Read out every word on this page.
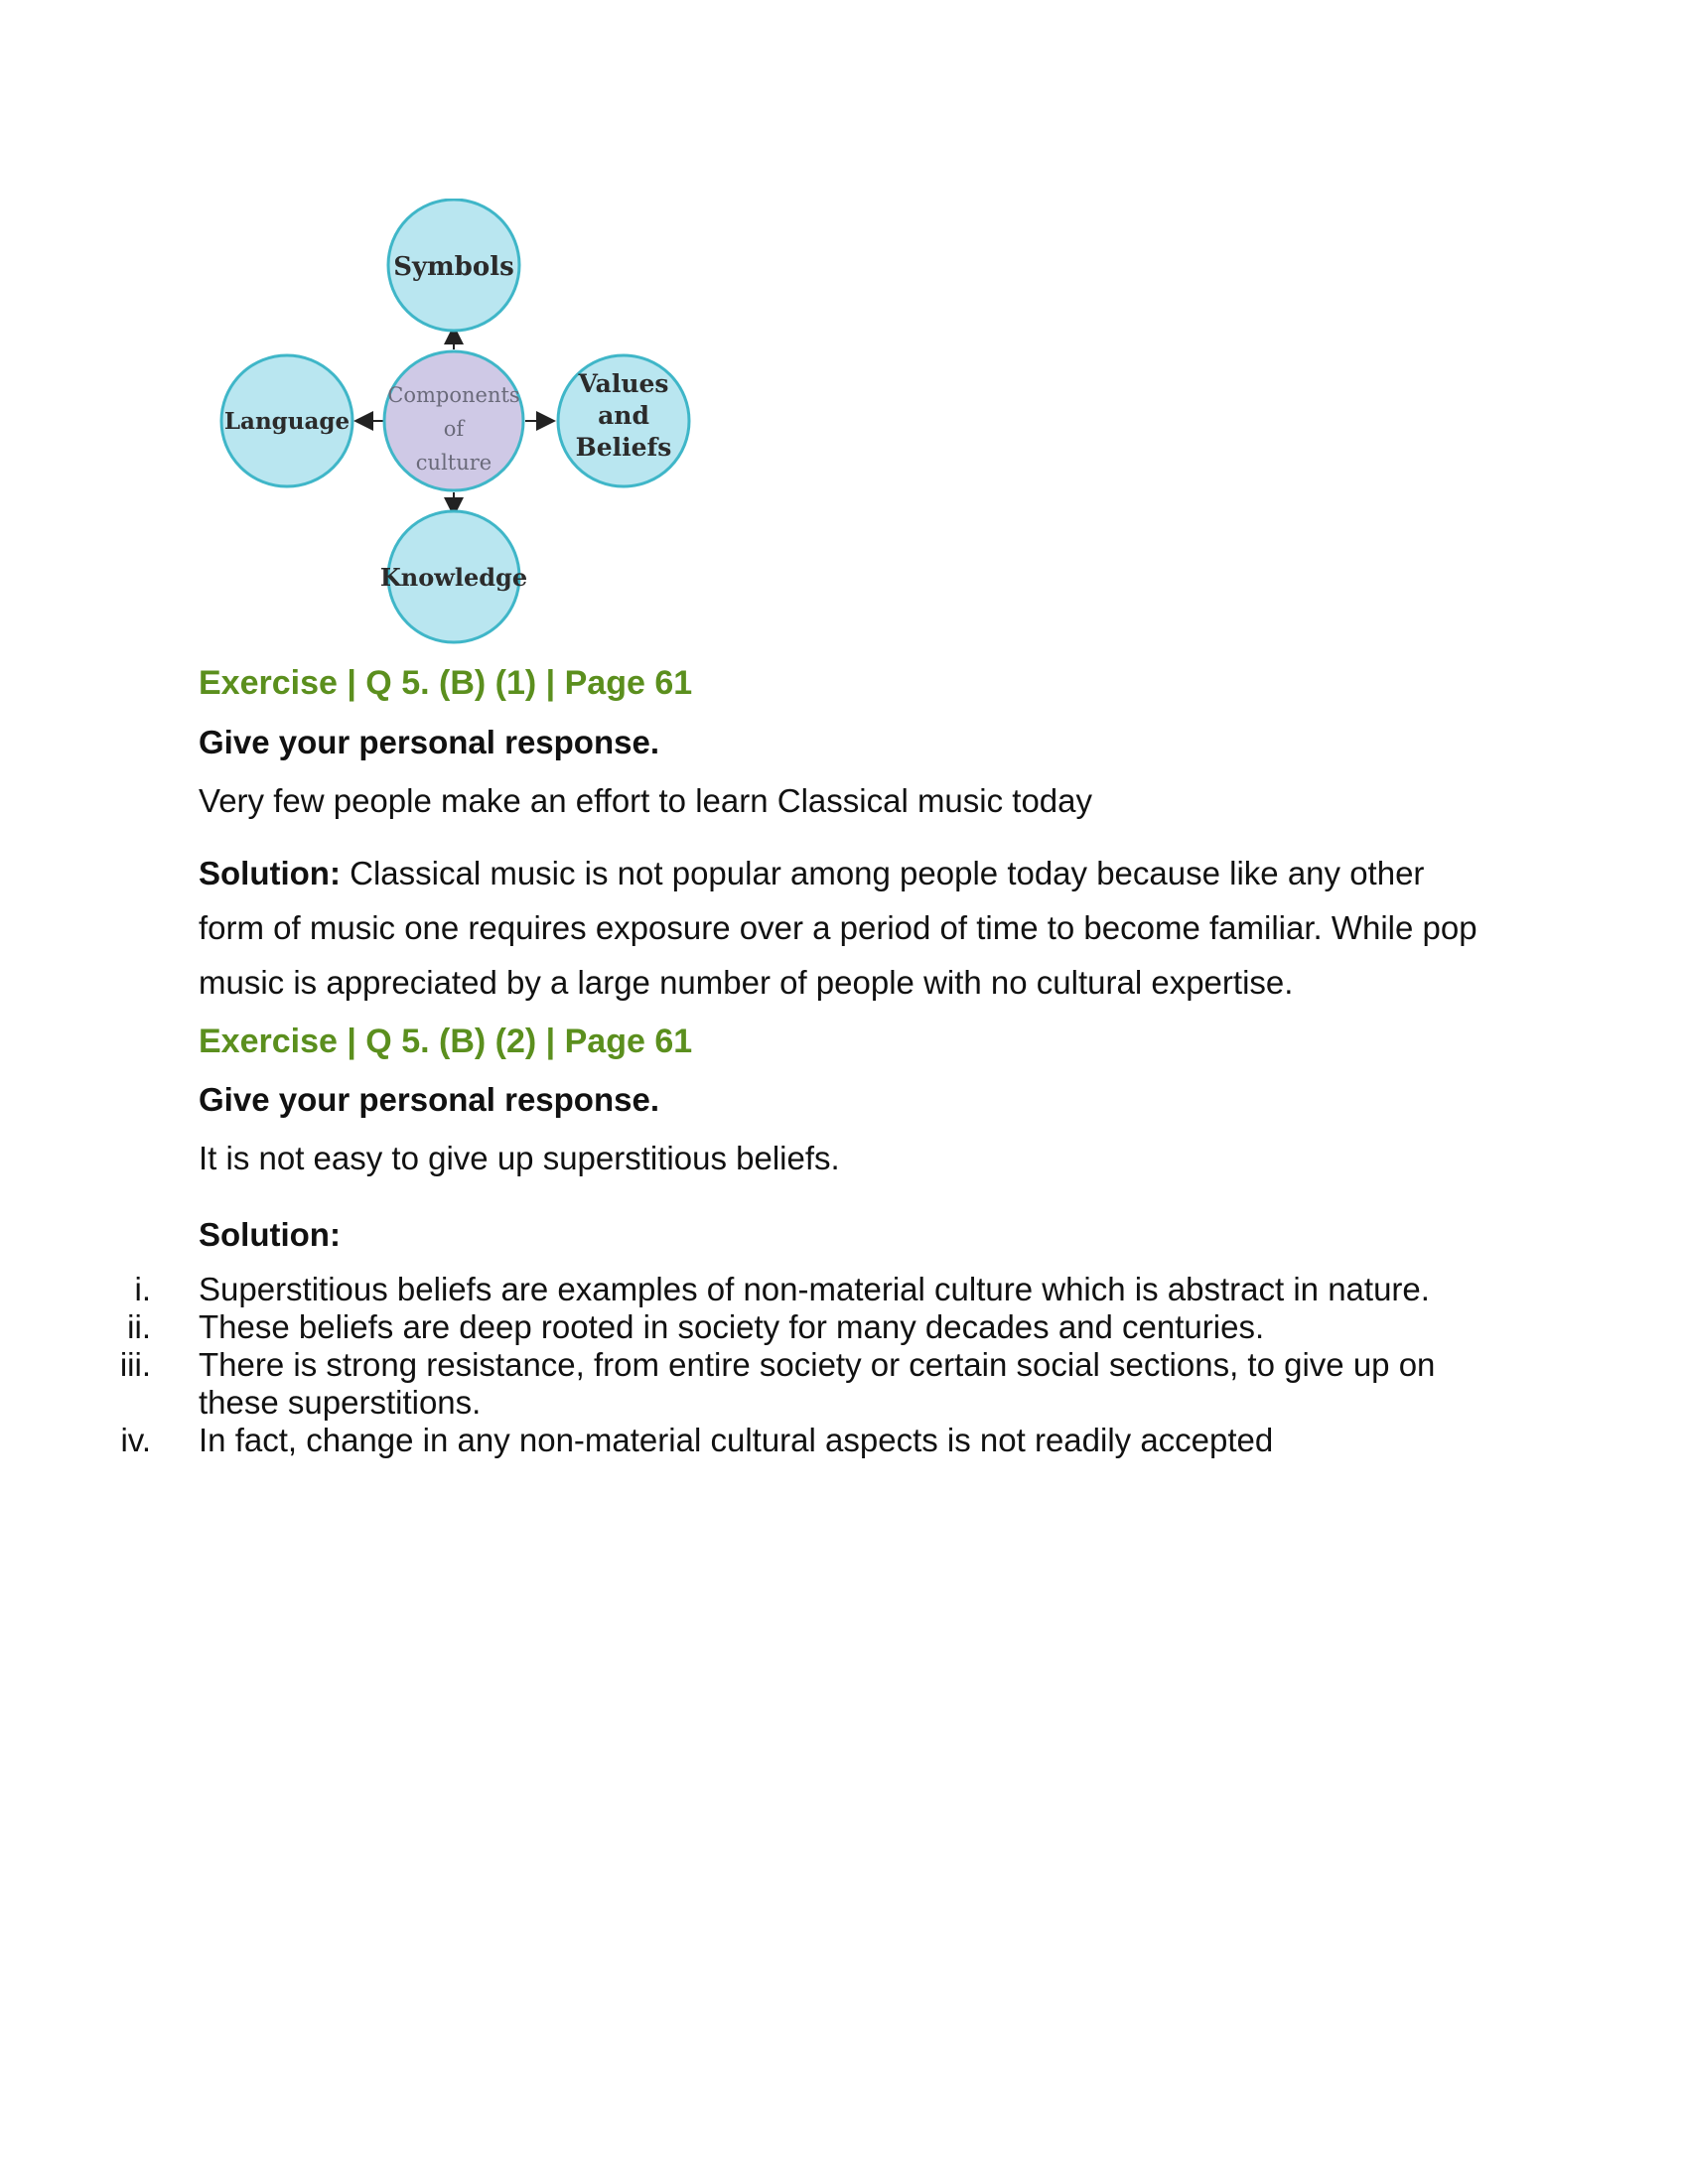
Symbols
Language
Components
of
culture
Values
and
Beliefs
Knowledge
Exercise | Q 5. (B) (1) | Page 61
Give your personal response.
Very few people make an effort to learn Classical music today
Solution: Classical music is not popular among people today because like any other form of music one requires exposure over a period of time to become familiar. While pop music is appreciated by a large number of people with no cultural expertise.
Exercise | Q 5. (B) (2) | Page 61
Give your personal response.
It is not easy to give up superstitious beliefs.
Solution:
i. Superstitious beliefs are examples of non-material culture which is abstract in nature.
ii. These beliefs are deep rooted in society for many decades and centuries.
iii. There is strong resistance, from entire society or certain social sections, to give up on these superstitions.
iv. In fact, change in any non-material cultural aspects is not readily accepted
